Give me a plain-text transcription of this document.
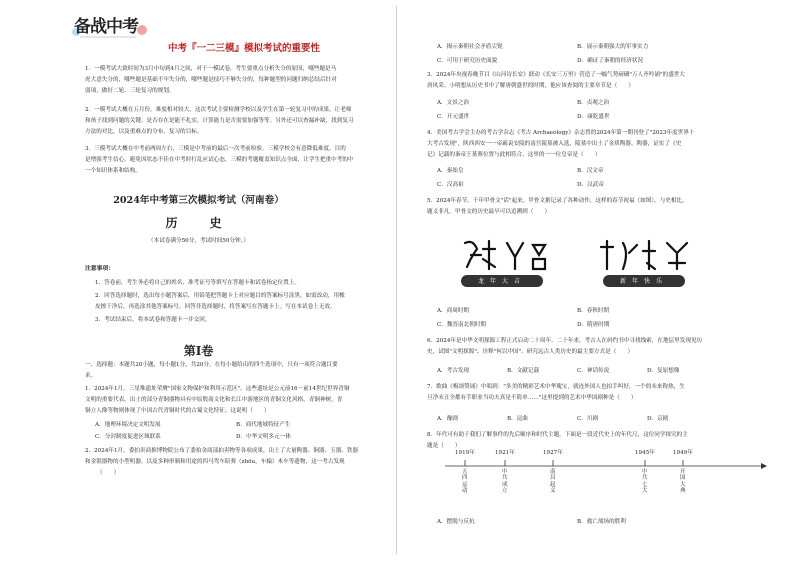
备战中考
中考『一二三模』模拟考试的重要性

1．一模考试大致时间为3月中旬到4月之间，对于一模试卷，考生要重点分析失分的原因，哪些题是马

虎大意失分的，哪些题是基础不牢失分的，哪些题是技巧不够失分的，每种题型的问题归纳总结后针对

弱项，做好二轮、三轮复习的规划。

2．一模考试大概在五月份，难度相对较大。这次考试主要检测学校以及学生在第一轮复习中的成果，让老师

和孩子找到问题的关键，是否存在是能不扎实，计算能力是否需要加强等等。另外还可以查漏补缺，找到复习

方法的对比，以及重难点的分布，复习的目标。

3．三模考试大概在中考前两周左右，三模是中考前的最后一次考前检验。三模学校会有意降低难度，目的

是增强考生信心，避免因状态不佳在中考时打乱应试心态，三模的考题覆盖知识点全面，让学生把重中考的中

一个知识体系和结构。

2024年中考第三次模拟考试（河南卷）
历　史
（本试卷满分50分，考试时间50分钟。）
注意事项：

1．答卷前，考生务必将自己的姓名、准考证号等填写在答题卡和试卷指定位置上。

2．回答选择题时，选出每小题答案后，用铅笔把答题卡上对应题目的答案标号涂黑。如需改动，用橡

皮擦干净后，再选涂其他答案标号。回答非选择题时，将答案写在答题卡上。写在本试卷上无效。

3．考试结束后，将本试卷和答题卡一并交回。

第Ⅰ卷

一、选择题：本题共20小题，每小题1分，共20分。在每小题给出的四个选项中，只有一项符合题目要

求。

1．2024年1月，三星堆遗址荣膺"国家文物保护和利用示范区"。这些遗址是公元前16－前14世纪世界青铜

文明的重要代表，出土的部分青铜器物具有中原殷商文化和长江中游地区的青铜文化风格，青铜神树，青

铜立人像等物则体现了中国古代青铜时代的古蜀文化特征。这说明（　　）

A．地理环境决定文明发展	B．商代地域特征产生
C．分封制度促进区域联系	D．中华文明多元一体

2．2024年1月，委拍卖商推博物院公布了委拍金商部拍卖物等各项成果，出土了大量陶器、铜器、玉器、铁器

和金银器物的小型明器，以及多种形制和用途的四马驾车陪葬（zhōu，车辕）木车等遗物，这一考古发现

（　　）

A．揭示秦朝社会矛盾尖锐	B．展示秦朝强大的军事实力
C．可用于研究历史面貌	D．确证了秦朝的经济状况

3．2024年央视春晚节目《山河诗长安》联动《长安三万里》营造了一幅气势磅礴"万人齐吟诵"的盛世大

唐风采。小明想从历史书中了解唐朝盛世的时期，他应该查阅的主要章节是（　　）

A．文景之治	B．贞观之治
C．开元盛世	D．康乾盛世

4．美国考古学会主办的考古学杂志《考古 Archaeology》杂志曾的2024年第一期刊登了"2023年度世界十

大考古发现"，陕西西安一一帝霸袁安陵的南宫陵墓被入选，陵墓中出土了金质陶器、陶器，证实了《史

记》记载的秦帝王墓葬位置与此相符合。这里的一一位皇帝是（　　）

A．秦始皇	B．汉文帝
C．汉高祖	D．汉武帝

5．2024年春节，千年甲骨文"话"起来。甲骨文据记录了各种动作，这样的春节祝福（如图），与史相比，

题义非凡。甲骨文的历史最早可以追溯到（　　）

龙年大吉	新年快乐
A．商周时期	B．春秋时期
C．魏晋南北朝时期	D．隋唐时期

6．2024年是中华文明探源工程正式启动二十周年。二十年来，考古人在码约书中寻找线索，在地层里发现见历

史，试图"文明探源"、诠释"何以中国"。研究远古人类历史的最主要方式是（　　）

A．考古发现	B．文献记载	C．神话传说	D．复原想像

7．歌曲《梅颂赞诵》中唱到："多美的精彩艺术中华瑰宝，就连外国人也拍手叫好，一个的未来称热，生

旦净末丑全都有手职业当功夫真是不简单……"这里提到的艺术中华国剧种是（　　）

A．豫剧	B．昆曲	C．川剧	D．京剧

8．年代可有助于我们了解事件的先后顺序和时代主题。下面是一段近代史上的年代尺，这位同学探究的主

题是（　　）

1919年	1921年	1927年	1945年	1949年
五四运动
中共成立
南昌起义
中共七大
开国大典
A．摆脱与反抗	B．救亡战场的胜利
